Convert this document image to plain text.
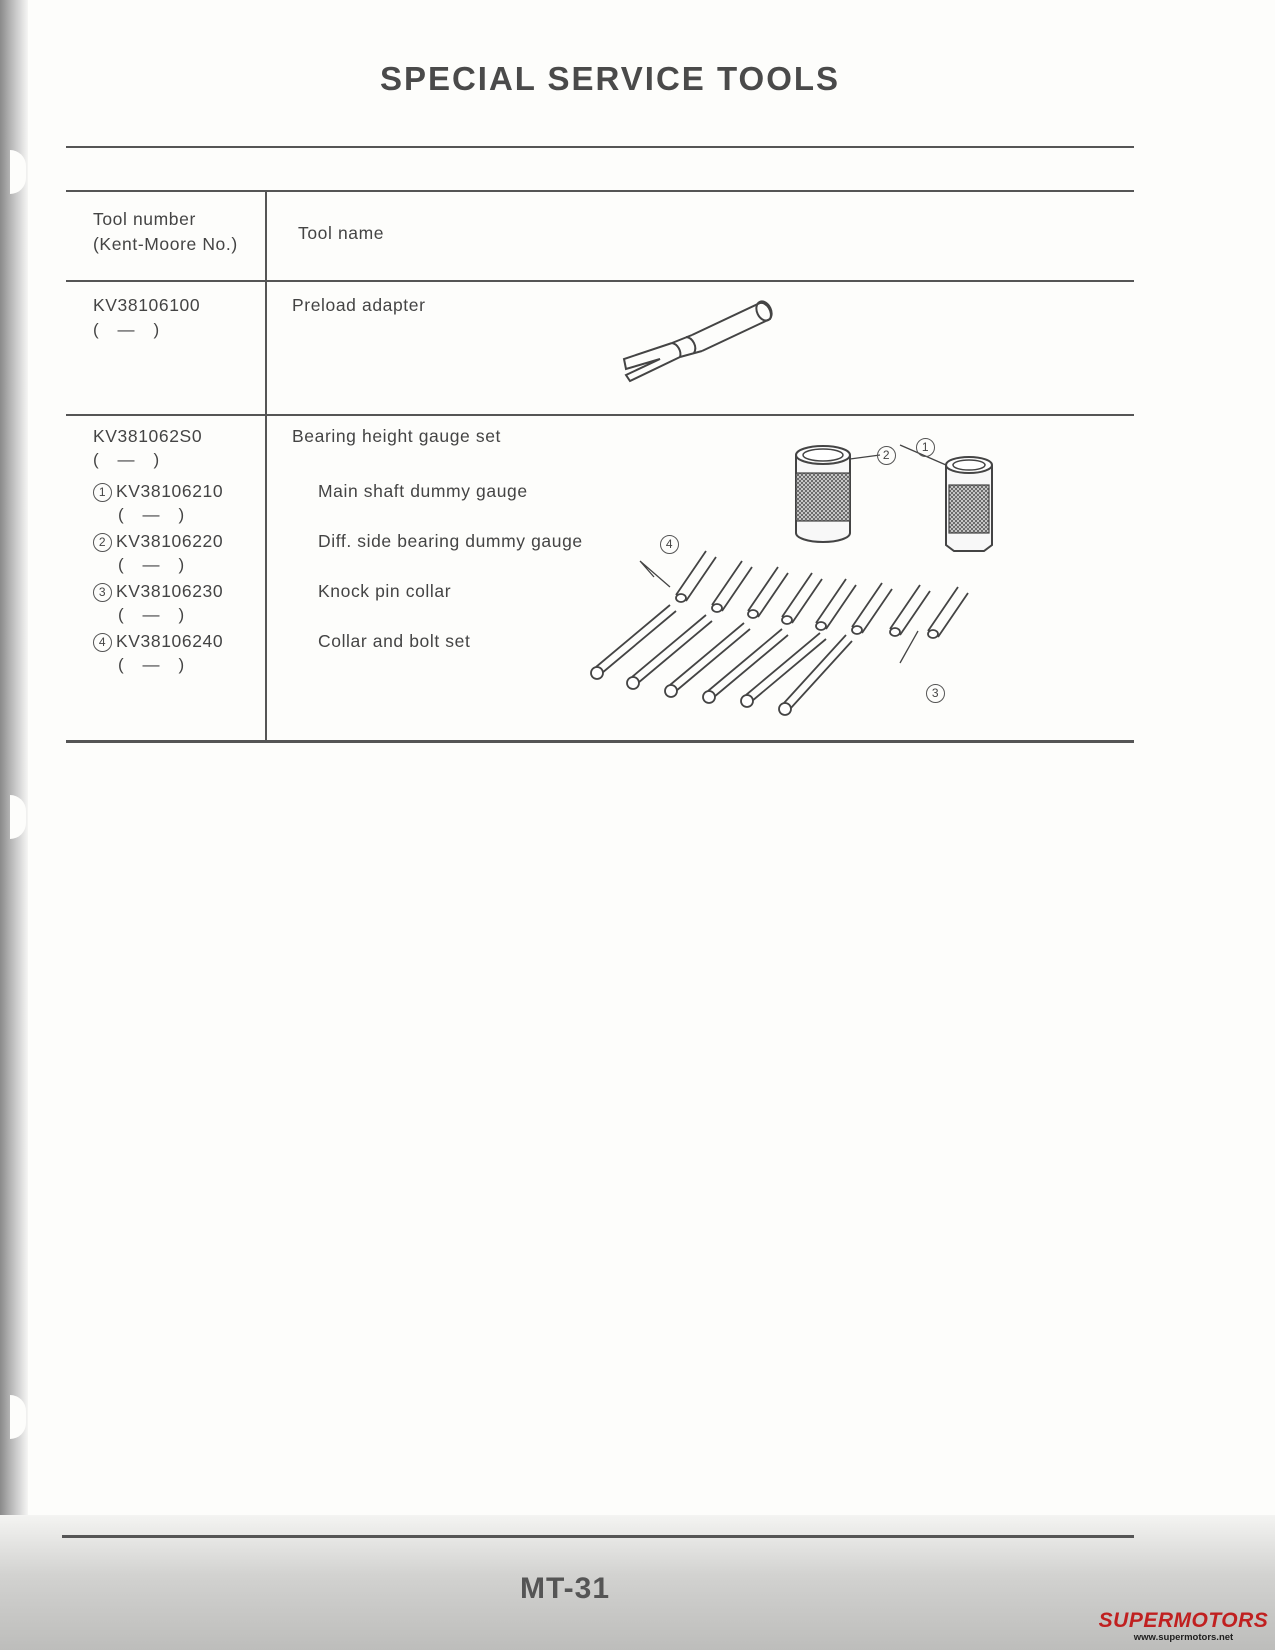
SPECIAL SERVICE TOOLS
Tool number
(Kent-Moore No.)
Tool name
KV38106100
(    —    )
Preload adapter
KV381062S0
(    —    )
Bearing height gauge set
1 KV38106210
(    —    )
Main shaft dummy gauge
2 KV38106220
(    —    )
Diff. side bearing dummy gauge
3 KV38106230
(    —    )
Knock pin collar
4 KV38106240
(    —    )
Collar and bolt set
2
1
4
3
MT-31
SUPERMOTORS
www.supermotors.net
